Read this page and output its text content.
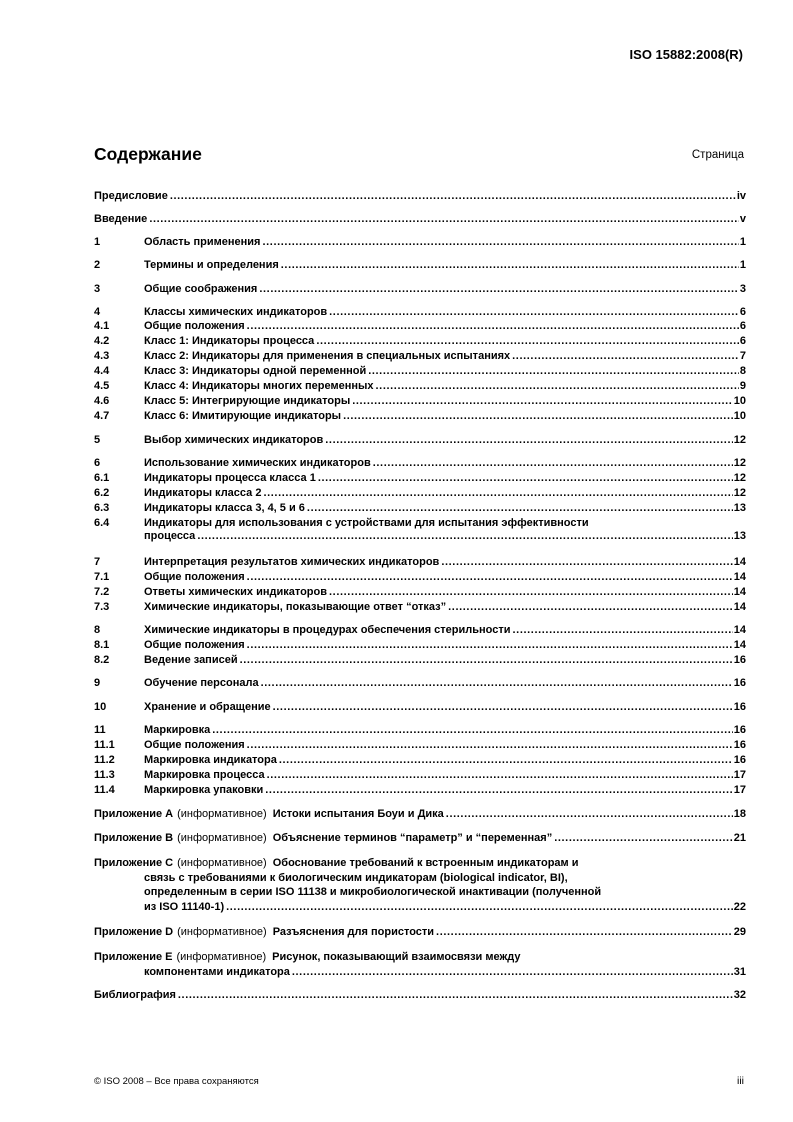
ISO 15882:2008(R)
Содержание	Страница
Предисловие .....	iv
Введение .....	v
1	Область применения .....	1
2	Термины и определения .....	1
3	Общие соображения .....	3
4	Классы химических индикаторов .....	6
4.1	Общие положения .....	6
4.2	Класс 1: Индикаторы процесса .....	6
4.3	Класс 2: Индикаторы для применения в специальных испытаниях .....	7
4.4	Класс 3: Индикаторы одной переменной .....	8
4.5	Класс 4: Индикаторы многих переменных .....	9
4.6	Класс 5: Интегрирующие индикаторы .....	10
4.7	Класс 6: Имитирующие индикаторы .....	10
5	Выбор химических индикаторов .....	12
6	Использование химических индикаторов .....	12
6.1	Индикаторы процесса класса 1 .....	12
6.2	Индикаторы класса 2 .....	12
6.3	Индикаторы класса 3, 4, 5 и 6 .....	13
6.4	Индикаторы для использования с устройствами для испытания эффективности
процесса .....	13
7	Интерпретация результатов химических индикаторов .....	14
7.1	Общие положения .....	14
7.2	Ответы химических индикаторов .....	14
7.3	Химические индикаторы, показывающие ответ “отказ” .....	14
8	Химические индикаторы в процедурах обеспечения стерильности .....	14
8.1	Общие положения .....	14
8.2	Ведение записей .....	16
9	Обучение персонала .....	16
10	Хранение и обращение .....	16
11	Маркировка .....	16
11.1	Общие положения .....	16
11.2	Маркировка индикатора .....	16
11.3	Маркировка процесса .....	17
11.4	Маркировка упаковки .....	17
Приложение A (информативное) Истоки испытания Боуи и Дика .....	18
Приложение B (информативное) Объяснение терминов “параметр” и “переменная” .....	21
Приложение C (информативное) Обоснование требований к встроенным индикаторам и
связь с требованиями к биологическим индикаторам (biological indicator, BI),
определенным в серии ISO 11138 и микробиологической инактивации (полученной
из ISO 11140-1) .....	22
Приложение D (информативное) Разъяснения для пористости .....	29
Приложение E (информативное) Рисунок, показывающий взаимосвязи между
компонентами индикатора .....	31
Библиография .....	32
© ISO 2008 – Все права сохраняются	iii
